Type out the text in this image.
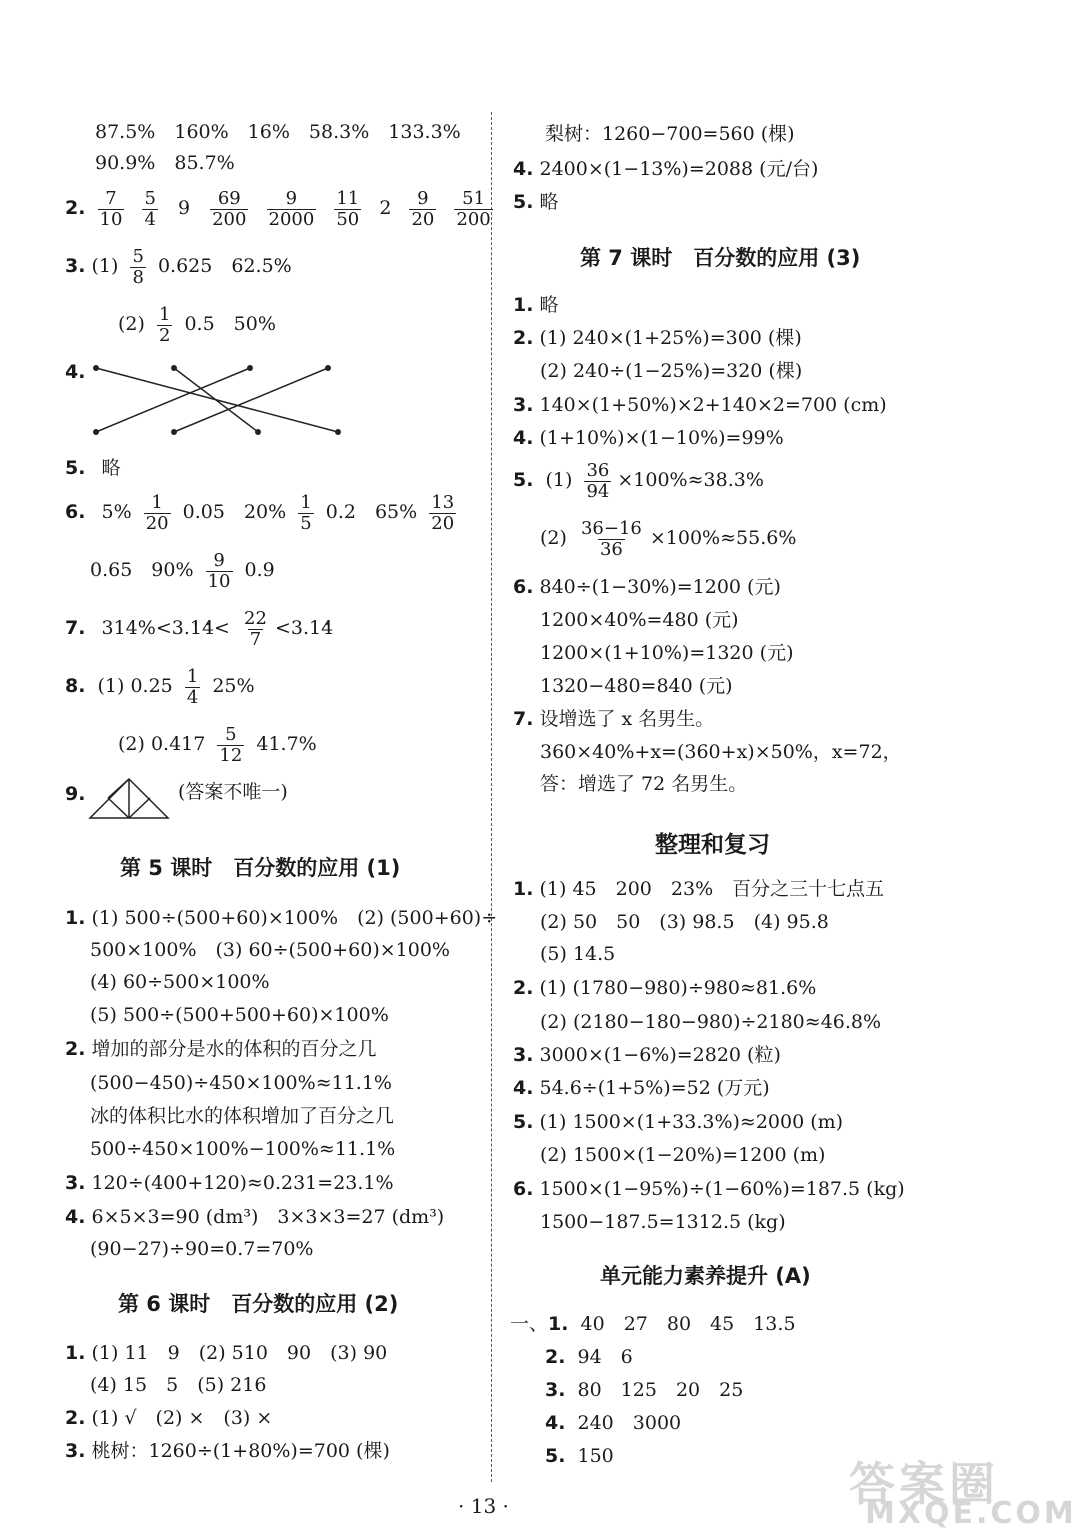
87.5%　160%　16%　58.3%　133.3%
90.9%　85.7%
2. $\frac{7}{10}$
$\frac{5}{4} 9 \frac{69}{200}$
$\frac{9}{2000}$
$\frac{11}{50} 2 \frac{9}{20}$
$\frac{51}{200}$
3. $(1) \frac{5}{8} 0.625$　62.5%
$(2) \frac{1}{2} 0.5$　50%
4.
5. 略
6. $5\% \frac{1}{20} 0.05$　$20\% \frac{1}{5} 0.2$　$65\% \frac{13}{20}$
0.65　$90\% \frac{9}{10} 0.9$
7. $314\%<3.\cdot 1\cdot 4< \frac{22}{7} <3.1\cdot 4$
8. (1) $0.25 \frac{1}{4} 25\%$
(2) $0.417 \frac{5}{12} 41.7\%$
9.	(答案不唯一)
第 5 课时　百分数的应用 (1)
1. (1) 500÷(500+60)×100%　(2) (500+60)÷
500×100%　(3) 60÷(500+60)×100%
(4) 60÷500×100%
(5) 500÷(500+500+60)×100%
2. 增加的部分是水的体积的百分之几
(500−450)÷450×100%≈11.1%
冰的体积比水的体积增加了百分之几
500÷450×100%−100%≈11.1%
3. 120÷(400+120)≈0.231=23.1%
4. 6×5×3=90 (dm³)　3×3×3=27 (dm³)
(90−27)÷90=0.7=70%
第 6 课时　百分数的应用 (2)
1. (1) 11　9　(2) 510　90　(3) 90
(4) 15　5　(5) 216
2. (1) √　(2) ×　(3) ×
3. 桃树：1260÷(1+80%)=700 (棵)
梨树：1260−700=560 (棵)
4. 2400×(1−13%)=2088 (元/台)
5. 略
第 7 课时　百分数的应用 (3)
1. 略
2. (1) 240×(1+25%)=300 (棵)
(2) 240÷(1−25%)=320 (棵)
3. 140×(1+50%)×2+140×2=700 (cm)
4. (1+10%)×(1−10%)=99%
5. $(1) \frac{36}{94} \times 100\%\approx 38.3\%$
$(2) \frac{36-16}{36} \times 100\%\approx 55.6\%$
6. 840÷(1−30%)=1200 (元)
1200×40%=480 (元)
1200×(1+10%)=1320 (元)
1320−480=840 (元)
7. 设增选了 x 名男生。
360×40%+x=(360+x)×50%，x=72，
答：增选了 72 名男生。
整理和复习
1. (1) 45　200　23%　百分之三十七点五
(2) 50　50　(3) 98.5　(4) 95.8
(5) 14.5
2. (1) (1780−980)÷980≈81.6%
(2) (2180−180−980)÷2180≈46.8%
3. 3000×(1−6%)=2820 (粒)
4. 54.6÷(1+5%)=52 (万元)
5. (1) 1500×(1+33.3%)≈2000 (m)
(2) 1500×(1−20%)=1200 (m)
6. 1500×(1−95%)÷(1−60%)=187.5 (kg)
1500−187.5=1312.5 (kg)
单元能力素养提升 (A)
一、1. 40　27　80　45　13.5
2. 94　6
3. 80　125　20　25
4. 240　3000
5. 150
· 13 ·	答案圈
MXQE.COM
